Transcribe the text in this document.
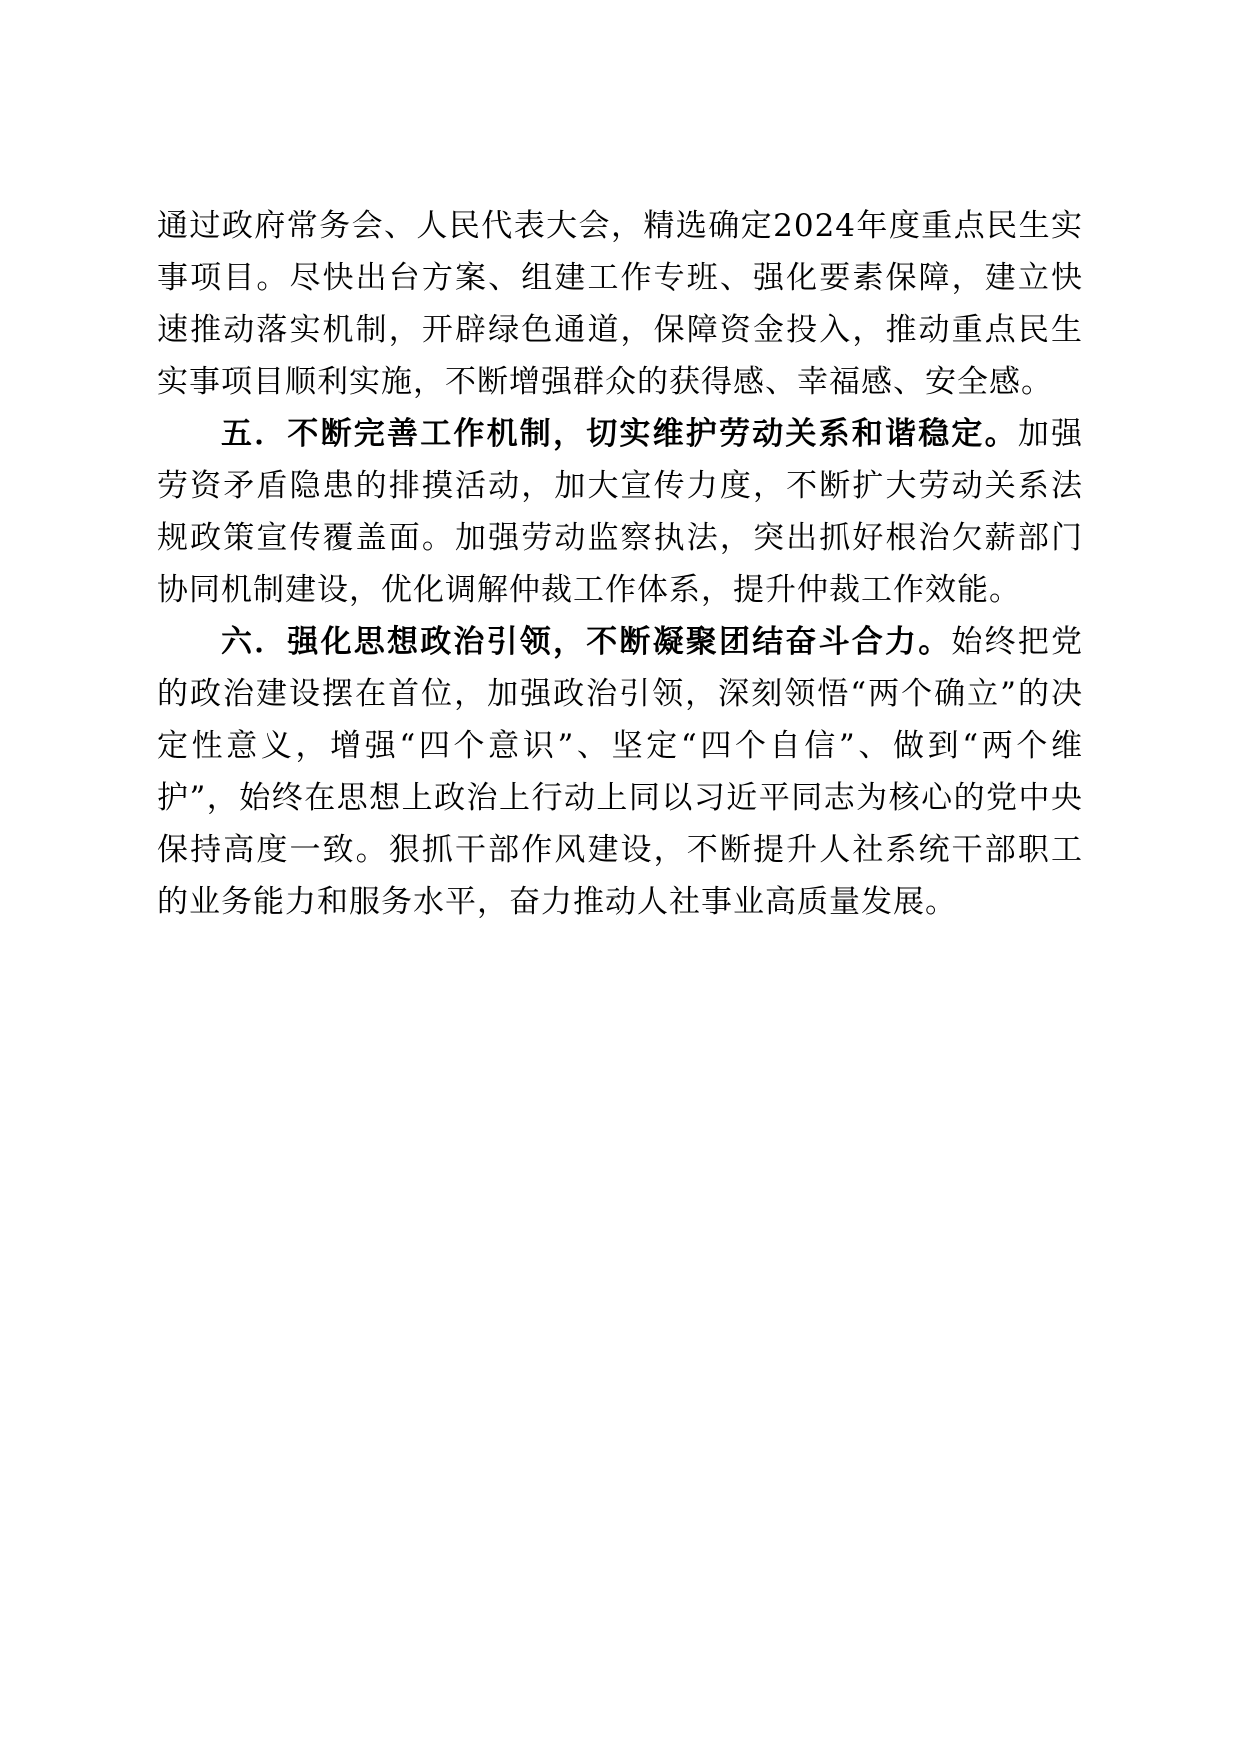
通过政府常务会、人民代表大会，精选确定2024年度重点民生实事项目。尽快出台方案、组建工作专班、强化要素保障，建立快速推动落实机制，开辟绿色通道，保障资金投入，推动重点民生实事项目顺利实施，不断增强群众的获得感、幸福感、安全感。

五．不断完善工作机制，切实维护劳动关系和谐稳定。加强劳资矛盾隐患的排摸活动，加大宣传力度，不断扩大劳动关系法规政策宣传覆盖面。加强劳动监察执法，突出抓好根治欠薪部门协同机制建设，优化调解仲裁工作体系，提升仲裁工作效能。

六．强化思想政治引领，不断凝聚团结奋斗合力。始终把党的政治建设摆在首位，加强政治引领，深刻领悟“两个确立”的决定性意义，增强“四个意识”、坚定“四个自信”、做到“两个维护”，始终在思想上政治上行动上同以习近平同志为核心的党中央保持高度一致。狠抓干部作风建设，不断提升人社系统干部职工的业务能力和服务水平，奋力推动人社事业高质量发展。
